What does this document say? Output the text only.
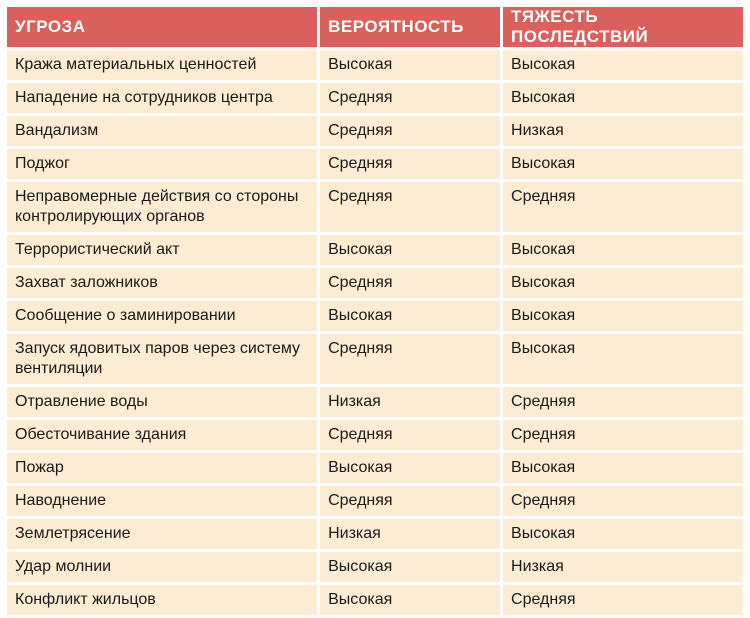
УГРОЗА	ВЕРОЯТНОСТЬ	ТЯЖЕСТЬ ПОСЛЕДСТВИЙ
Кража материальных ценностей	Высокая	Высокая
Нападение на сотрудников центра	Средняя	Высокая
Вандализм	Средняя	Низкая
Поджог	Средняя	Высокая
Неправомерные действия со стороны контролирующих органов	Средняя	Средняя
Террористический акт	Высокая	Высокая
Захват заложников	Средняя	Высокая
Сообщение о заминировании	Высокая	Высокая
Запуск ядовитых паров через систему вентиляции	Средняя	Высокая
Отравление воды	Низкая	Средняя
Обесточивание здания	Средняя	Средняя
Пожар	Высокая	Высокая
Наводнение	Средняя	Средняя
Землетрясение	Низкая	Высокая
Удар молнии	Высокая	Низкая
Конфликт жильцов	Высокая	Средняя
